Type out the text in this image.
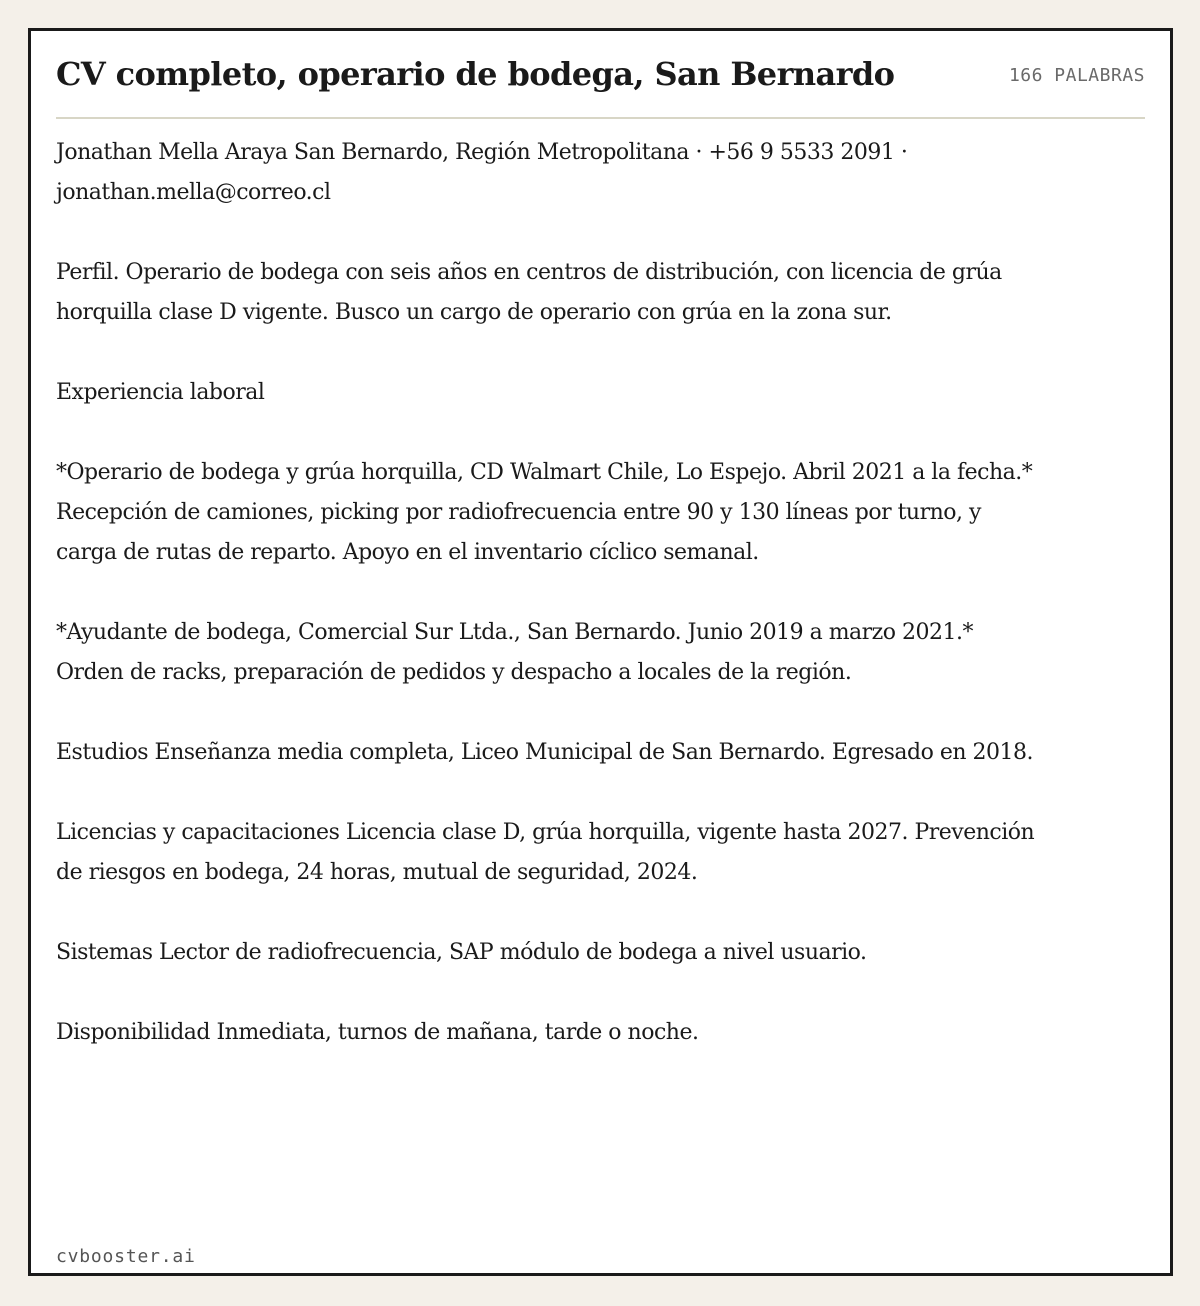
CV completo, operario de bodega, San Bernardo	166 PALABRAS

Jonathan Mella Araya San Bernardo, Región Metropolitana · +56 9 5533 2091 · jonathan.mella@correo.cl

Perfil. Operario de bodega con seis años en centros de distribución, con licencia de grúa horquilla clase D vigente. Busco un cargo de operario con grúa en la zona sur.

Experiencia laboral

*Operario de bodega y grúa horquilla, CD Walmart Chile, Lo Espejo. Abril 2021 a la fecha.* Recepción de camiones, picking por radiofrecuencia entre 90 y 130 líneas por turno, y carga de rutas de reparto. Apoyo en el inventario cíclico semanal.

*Ayudante de bodega, Comercial Sur Ltda., San Bernardo. Junio 2019 a marzo 2021.* Orden de racks, preparación de pedidos y despacho a locales de la región.

Estudios Enseñanza media completa, Liceo Municipal de San Bernardo. Egresado en 2018.

Licencias y capacitaciones Licencia clase D, grúa horquilla, vigente hasta 2027. Prevención de riesgos en bodega, 24 horas, mutual de seguridad, 2024.

Sistemas Lector de radiofrecuencia, SAP módulo de bodega a nivel usuario.

Disponibilidad Inmediata, turnos de mañana, tarde o noche.

cvbooster.ai
